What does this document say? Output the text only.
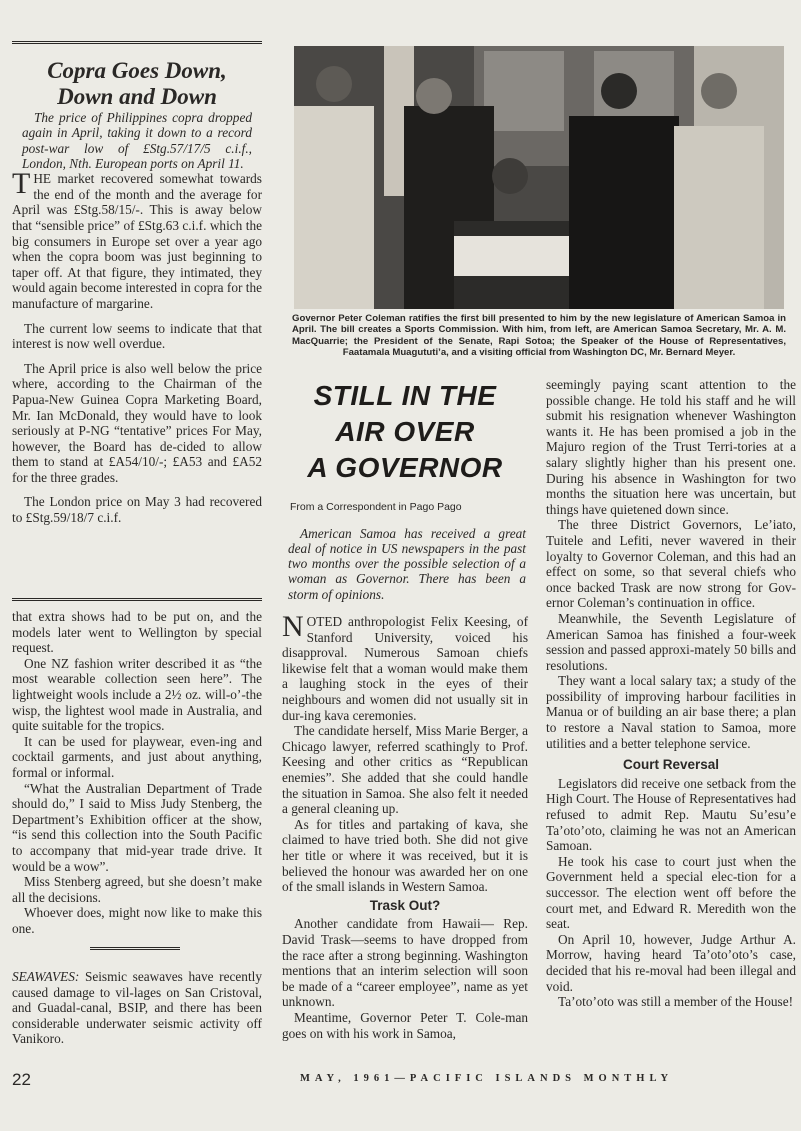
Copra Goes Down,
Down and Down

The price of Philippines copra dropped again in April, taking it down to a record post-war low of £Stg.57/17/5 c.i.f., London, Nth. European ports on April 11.

THE market recovered somewhat towards the end of the month and the average for April was £Stg.58/15/-. This is away below that “sensible price” of £Stg.63 c.i.f. which the big consumers in Europe set over a year ago when the copra boom was just beginning to taper off. At that figure, they intimated, they would again become interested in copra for the manufacture of margarine.

The current low seems to indicate that that interest is now well overdue.

The April price is also well below the price where, according to the Chairman of the Papua-New Guinea Copra Marketing Board, Mr. Ian McDonald, they would have to look seriously at P-NG “tentative” prices For May, however, the Board has de-cided to allow them to stand at £A54/10/-; £A53 and £A52 for the three grades.

The London price on May 3 had recovered to £Stg.59/18/7 c.i.f.

that extra shows had to be put on, and the models later went to Wellington by special request.

One NZ fashion writer described it as “the most wearable collection seen here”. The lightweight wools include a 2½ oz. will-o’-the wisp, the lightest wool made in Australia, and quite suitable for the tropics.

It can be used for playwear, even-ing and cocktail garments, and just about anything, formal or informal.

“What the Australian Department of Trade should do,” I said to Miss Judy Stenberg, the Department’s Exhibition officer at the show, “is send this collection into the South Pacific to accompany that mid-year trade drive. It would be a wow”.

Miss Stenberg agreed, but she doesn’t make all the decisions.

Whoever does, might now like to make this one.

SEAWAVES: Seismic seawaves have recently caused damage to vil-lages on San Cristoval, and Guadal-canal, BSIP, and there has been considerable underwater seismic activity off Vanikoro.

Governor Peter Coleman ratifies the first bill presented to him by the new legislature of American Samoa in April. The bill creates a Sports Commission. With him, from left, are American Samoa Secretary, Mr. A. M. MacQuarrie; the President of the Senate, Rapi Sotoa; the Speaker of the House of Representatives, Faatamala Muagututi’a, and a visiting official from Washington DC, Mr. Bernard Meyer.
STILL IN THE
AIR OVER
A GOVERNOR
From a Correspondent in Pago Pago

American Samoa has received a great deal of notice in US newspapers in the past two months over the possible selection of a woman as Governor. There has been a storm of opinions.

NOTED anthropologist Felix Keesing, of Stanford University, voiced his disapproval. Numerous Samoan chiefs likewise felt that a woman would make them a laughing stock in the eyes of their neighbours and women did not usually sit in dur-ing kava ceremonies.

The candidate herself, Miss Marie Berger, a Chicago lawyer, referred scathingly to Prof. Keesing and other critics as “Republican enemies”. She added that she could handle the situation in Samoa. She also felt it needed a general cleaning up.

As for titles and partaking of kava, she claimed to have tried both. She did not give her title or where it was received, but it is believed the honour was awarded her on one of the small islands in Western Samoa.

Trask Out?

Another candidate from Hawaii— Rep. David Trask—seems to have dropped from the race after a strong beginning. Washington mentions that an interim selection will soon be made of a “career employee”, name as yet unknown.

Meantime, Governor Peter T. Cole-man goes on with his work in Samoa,

seemingly paying scant attention to the possible change. He told his staff and he will submit his resignation whenever Washington wants it. He has been promised a job in the Majuro region of the Trust Terri-tories at a salary slightly higher than his present one. During his absence in Washington for two months the situation here was uncertain, but things have quietened down since.

The three District Governors, Le’iato, Tuitele and Lefiti, never wavered in their loyalty to Governor Coleman, and this had an effect on some, so that several chiefs who once backed Trask are now strong for Gov-ernor Coleman’s continuation in office.

Meanwhile, the Seventh Legislature of American Samoa has finished a four-week session and passed approxi-mately 50 bills and resolutions.

They want a local salary tax; a study of the possibility of improving harbour facilities in Manua or of building an air base there; a plan to restore a Naval station to Samoa, more utilities and a better telephone service.

Court Reversal

Legislators did receive one setback from the High Court. The House of Representatives had refused to admit Rep. Mautu Su’esu’e Ta’oto’oto, claiming he was not an American Samoan.

He took his case to court just when the Government held a special elec-tion for a successor. The election went off before the court met, and Edward R. Meredith won the seat.

On April 10, however, Judge Arthur A. Morrow, having heard Ta’oto’oto’s case, decided that his re-moval had been illegal and void.

Ta’oto’oto was still a member of the House!

22	MAY, 1961—PACIFIC ISLANDS MONTHLY
